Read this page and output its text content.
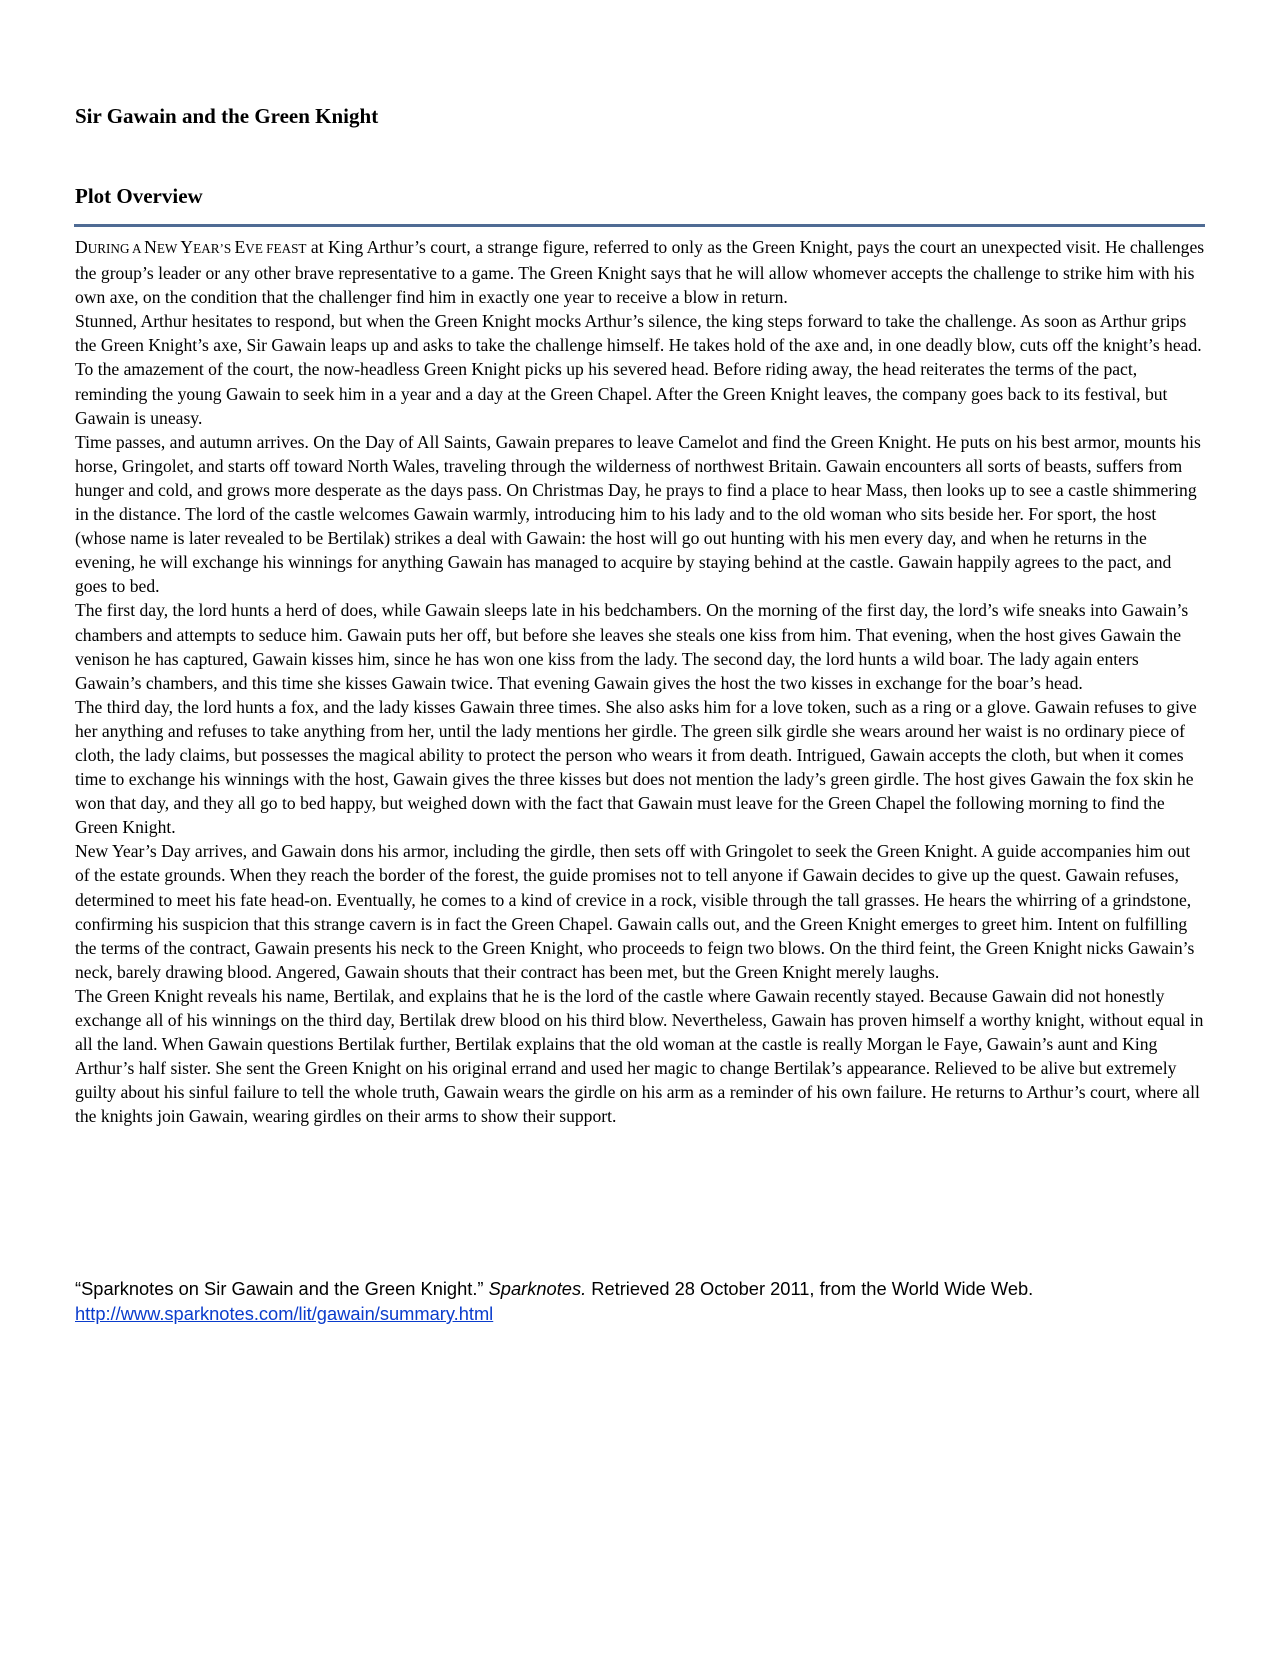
Sir Gawain and the Green Knight
Plot Overview

DURING A NEW YEAR’S EVE FEAST at King Arthur’s court, a strange figure, referred to only as the Green Knight, pays the court an unexpected visit. He challenges the group’s leader or any other brave representative to a game. The Green Knight says that he will allow whomever accepts the challenge to strike him with his own axe, on the condition that the challenger find him in exactly one year to receive a blow in return.

Stunned, Arthur hesitates to respond, but when the Green Knight mocks Arthur’s silence, the king steps forward to take the challenge. As soon as Arthur grips the Green Knight’s axe, Sir Gawain leaps up and asks to take the challenge himself. He takes hold of the axe and, in one deadly blow, cuts off the knight’s head. To the amazement of the court, the now-headless Green Knight picks up his severed head. Before riding away, the head reiterates the terms of the pact, reminding the young Gawain to seek him in a year and a day at the Green Chapel. After the Green Knight leaves, the company goes back to its festival, but Gawain is uneasy.

Time passes, and autumn arrives. On the Day of All Saints, Gawain prepares to leave Camelot and find the Green Knight. He puts on his best armor, mounts his horse, Gringolet, and starts off toward North Wales, traveling through the wilderness of northwest Britain. Gawain encounters all sorts of beasts, suffers from hunger and cold, and grows more desperate as the days pass. On Christmas Day, he prays to find a place to hear Mass, then looks up to see a castle shimmering in the distance. The lord of the castle welcomes Gawain warmly, introducing him to his lady and to the old woman who sits beside her. For sport, the host (whose name is later revealed to be Bertilak) strikes a deal with Gawain: the host will go out hunting with his men every day, and when he returns in the evening, he will exchange his winnings for anything Gawain has managed to acquire by staying behind at the castle. Gawain happily agrees to the pact, and goes to bed.

The first day, the lord hunts a herd of does, while Gawain sleeps late in his bedchambers. On the morning of the first day, the lord’s wife sneaks into Gawain’s chambers and attempts to seduce him. Gawain puts her off, but before she leaves she steals one kiss from him. That evening, when the host gives Gawain the venison he has captured, Gawain kisses him, since he has won one kiss from the lady. The second day, the lord hunts a wild boar. The lady again enters Gawain’s chambers, and this time she kisses Gawain twice. That evening Gawain gives the host the two kisses in exchange for the boar’s head.

The third day, the lord hunts a fox, and the lady kisses Gawain three times. She also asks him for a love token, such as a ring or a glove. Gawain refuses to give her anything and refuses to take anything from her, until the lady mentions her girdle. The green silk girdle she wears around her waist is no ordinary piece of cloth, the lady claims, but possesses the magical ability to protect the person who wears it from death. Intrigued, Gawain accepts the cloth, but when it comes time to exchange his winnings with the host, Gawain gives the three kisses but does not mention the lady’s green girdle. The host gives Gawain the fox skin he won that day, and they all go to bed happy, but weighed down with the fact that Gawain must leave for the Green Chapel the following morning to find the Green Knight.

New Year’s Day arrives, and Gawain dons his armor, including the girdle, then sets off with Gringolet to seek the Green Knight. A guide accompanies him out of the estate grounds. When they reach the border of the forest, the guide promises not to tell anyone if Gawain decides to give up the quest. Gawain refuses, determined to meet his fate head-on. Eventually, he comes to a kind of crevice in a rock, visible through the tall grasses. He hears the whirring of a grindstone, confirming his suspicion that this strange cavern is in fact the Green Chapel. Gawain calls out, and the Green Knight emerges to greet him. Intent on fulfilling the terms of the contract, Gawain presents his neck to the Green Knight, who proceeds to feign two blows. On the third feint, the Green Knight nicks Gawain’s neck, barely drawing blood. Angered, Gawain shouts that their contract has been met, but the Green Knight merely laughs.

The Green Knight reveals his name, Bertilak, and explains that he is the lord of the castle where Gawain recently stayed. Because Gawain did not honestly exchange all of his winnings on the third day, Bertilak drew blood on his third blow. Nevertheless, Gawain has proven himself a worthy knight, without equal in all the land. When Gawain questions Bertilak further, Bertilak explains that the old woman at the castle is really Morgan le Faye, Gawain’s aunt and King Arthur’s half sister. She sent the Green Knight on his original errand and used her magic to change Bertilak’s appearance. Relieved to be alive but extremely guilty about his sinful failure to tell the whole truth, Gawain wears the girdle on his arm as a reminder of his own failure. He returns to Arthur’s court, where all the knights join Gawain, wearing girdles on their arms to show their support.

“Sparknotes on Sir Gawain and the Green Knight.” Sparknotes. Retrieved 28 October 2011, from the World Wide Web.

http://www.sparknotes.com/lit/gawain/summary.html
